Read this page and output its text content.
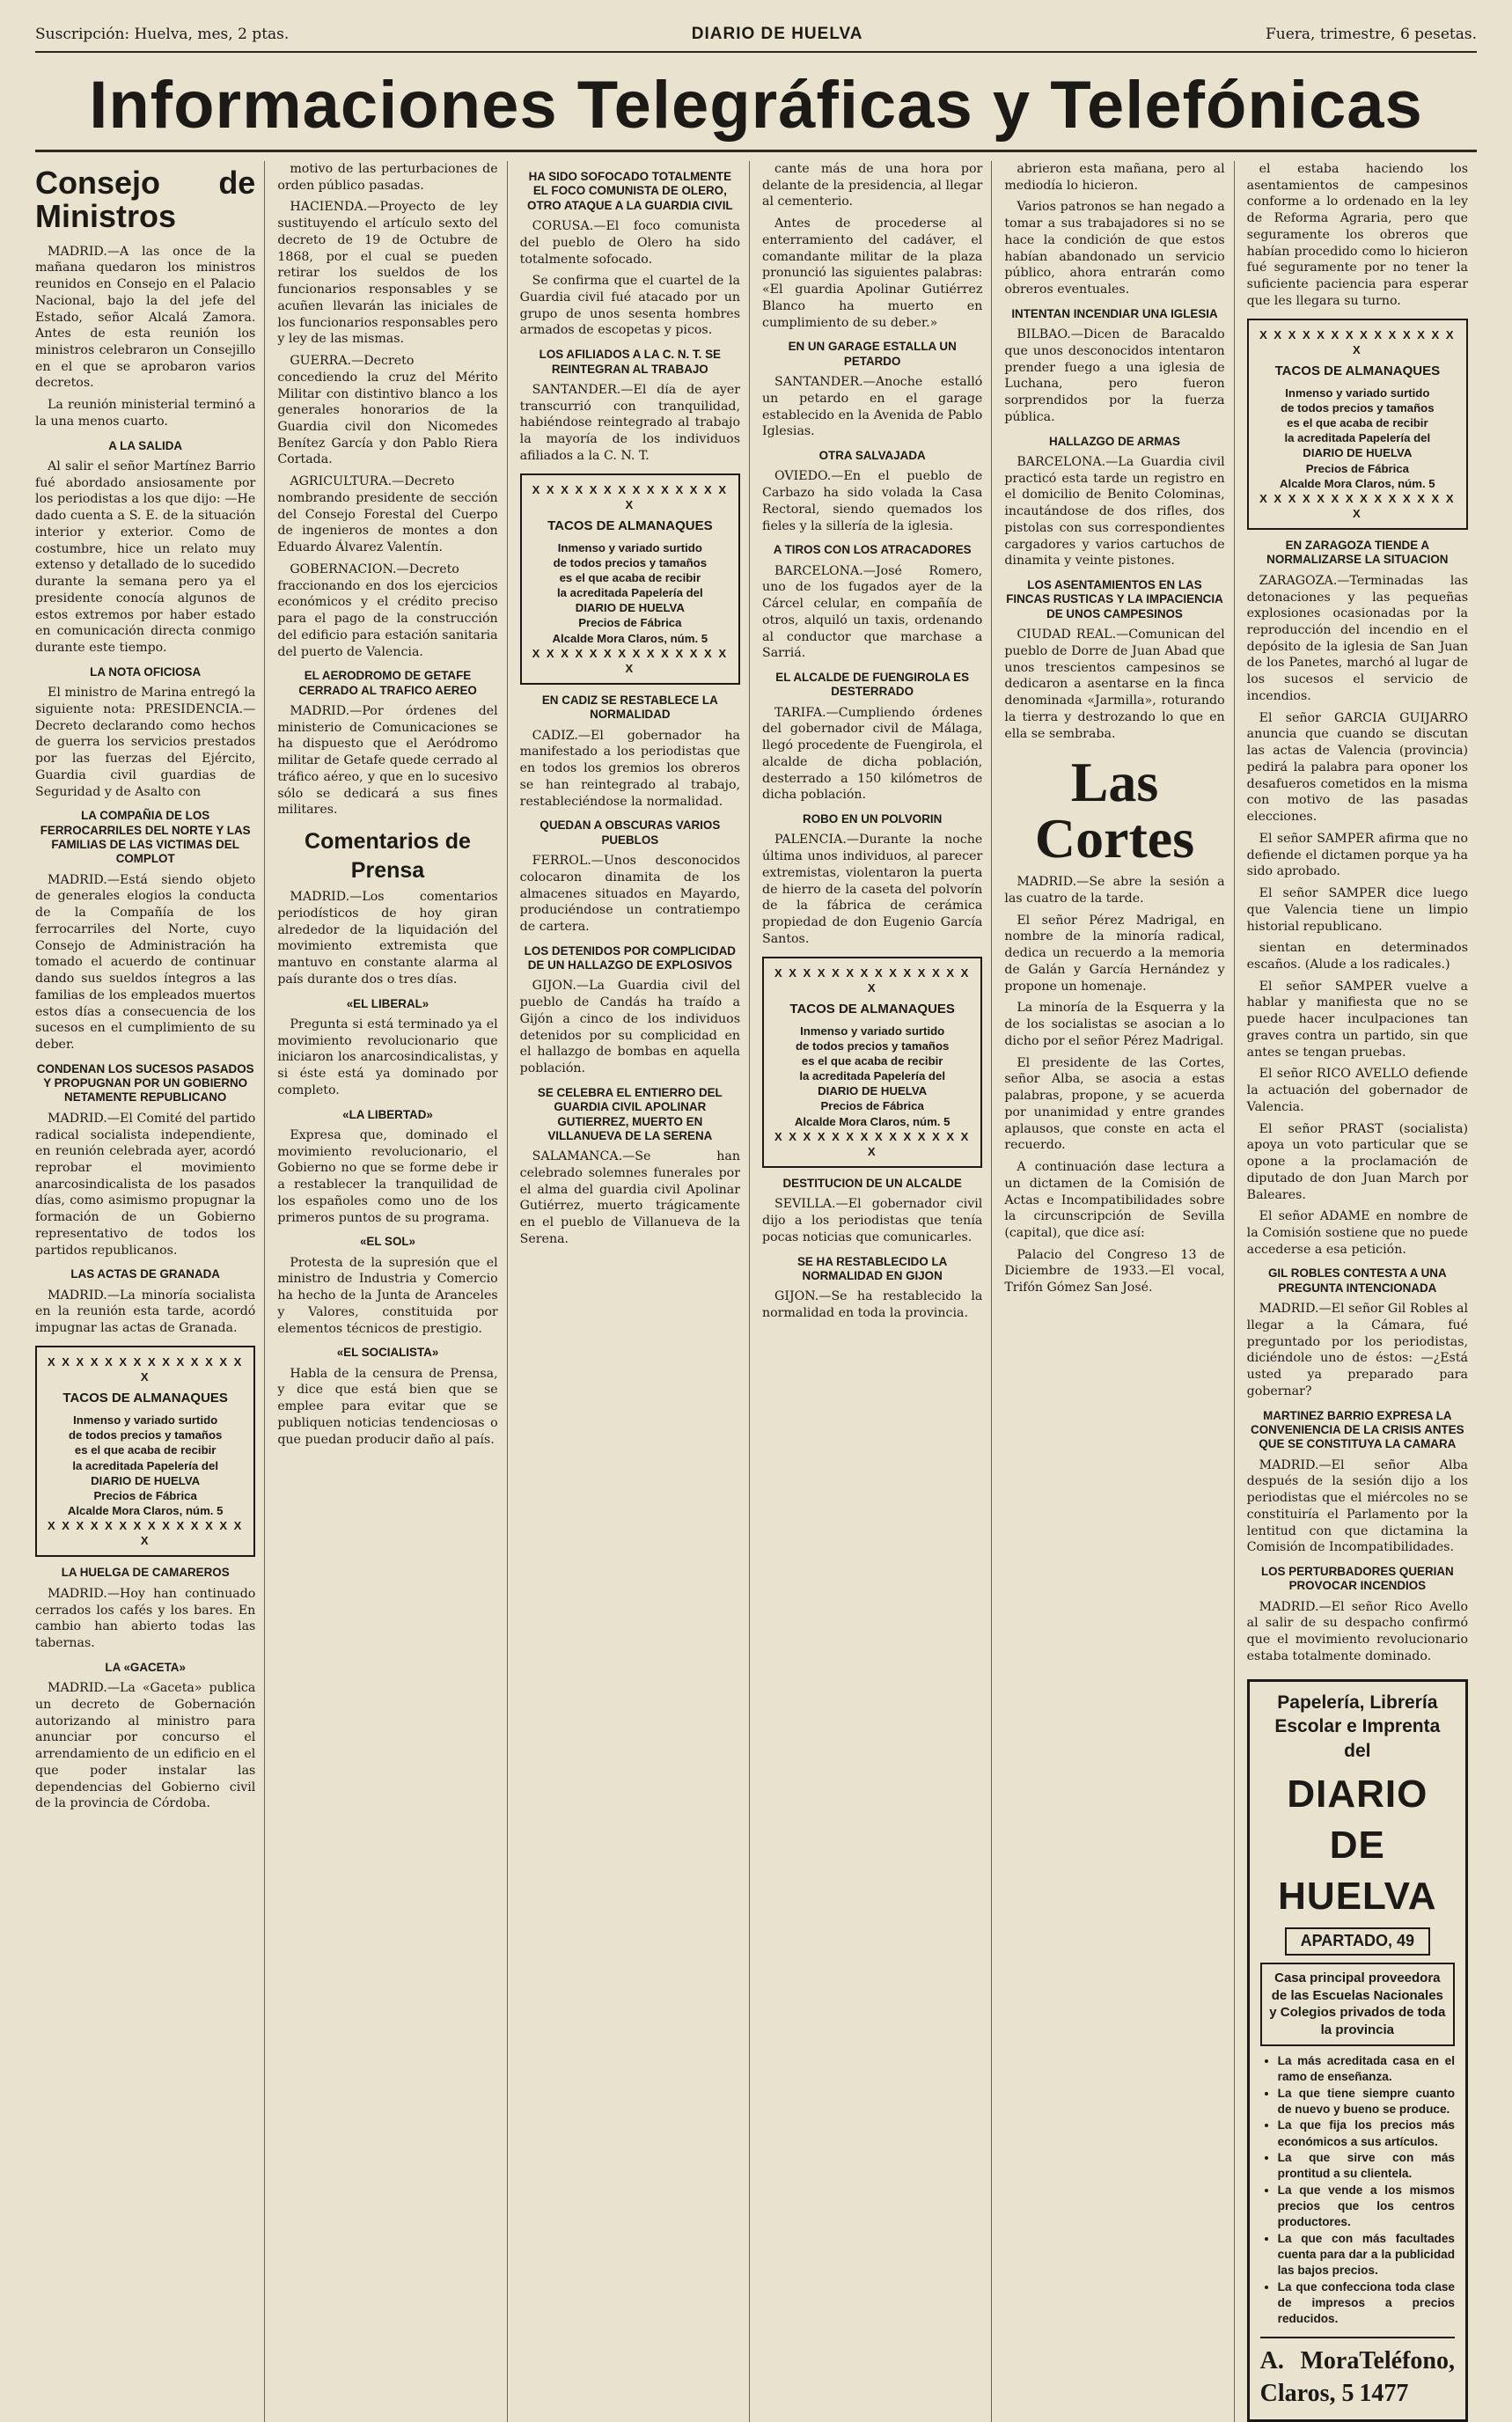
Suscripción: Huelva, mes, 2 ptas.	DIARIO DE HUELVA	Fuera, trimestre, 6 pesetas.
Informaciones Telegráficas y Telefónicas
Consejo de Ministros

MADRID.—A las once de la mañana quedaron los ministros reunidos en Consejo en el Palacio Nacional, bajo la del jefe del Estado, señor Alcalá Zamora. Antes de esta reunión los ministros celebraron un Consejillo en el que se aprobaron varios decretos.

La reunión ministerial terminó a la una menos cuarto.

A LA SALIDA

Al salir el señor Martínez Barrio fué abordado ansiosamente por los periodistas a los que dijo: —He dado cuenta a S. E. de la situación interior y exterior. Como de costumbre, hice un relato muy extenso y detallado de lo sucedido durante la semana pero ya el presidente conocía algunos de estos extremos por haber estado en comunicación directa conmigo durante este tiempo.

LA NOTA OFICIOSA

El ministro de Marina entregó la siguiente nota: PRESIDENCIA.—Decreto declarando como hechos de guerra los servicios prestados por las fuerzas del Ejército, Guardia civil guardias de Seguridad y de Asalto con

LA COMPAÑIA DE LOS FERROCARRILES DEL NORTE Y LAS FAMILIAS DE LAS VICTIMAS DEL COMPLOT

MADRID.—Está siendo objeto de generales elogios la conducta de la Compañía de los ferrocarriles del Norte, cuyo Consejo de Administración ha tomado el acuerdo de continuar dando sus sueldos íntegros a las familias de los empleados muertos estos días a consecuencia de los sucesos en el cumplimiento de su deber.

CONDENAN LOS SUCESOS PASADOS Y PROPUGNAN POR UN GOBIERNO NETAMENTE REPUBLICANO

MADRID.—El Comité del partido radical socialista independiente, en reunión celebrada ayer, acordó reprobar el movimiento anarcosindicalista de los pasados días, como asimismo propugnar la formación de un Gobierno representativo de todos los partidos republicanos.

LAS ACTAS DE GRANADA

MADRID.—La minoría socialista en la reunión esta tarde, acordó impugnar las actas de Granada.

X X X X X X X X X X X X X X X
TACOS DE ALMANAQUES
Inmenso y variado surtido
de todos precios y tamaños
es el que acaba de recibir
la acreditada Papelería del
DIARIO DE HUELVA
Precios de Fábrica
Alcalde Mora Claros, núm. 5
X X X X X X X X X X X X X X X
LA HUELGA DE CAMAREROS

MADRID.—Hoy han continuado cerrados los cafés y los bares. En cambio han abierto todas las tabernas.

LA «GACETA»

MADRID.—La «Gaceta» publica un decreto de Gobernación autorizando al ministro para anunciar por concurso el arrendamiento de un edificio en el que poder instalar las dependencias del Gobierno civil de la provincia de Córdoba.

motivo de las perturbaciones de orden público pasadas.

HACIENDA.—Proyecto de ley sustituyendo el artículo sexto del decreto de 19 de Octubre de 1868, por el cual se pueden retirar los sueldos de los funcionarios responsables y se acuñen llevarán las iniciales de los funcionarios responsables pero y ley de las mismas.

GUERRA.—Decreto concediendo la cruz del Mérito Militar con distintivo blanco a los generales honorarios de la Guardia civil don Nicomedes Benítez García y don Pablo Riera Cortada.

AGRICULTURA.—Decreto nombrando presidente de sección del Consejo Forestal del Cuerpo de ingenieros de montes a don Eduardo Álvarez Valentín.

GOBERNACION.—Decreto fraccionando en dos los ejercicios económicos y el crédito preciso para el pago de la construcción del edificio para estación sanitaria del puerto de Valencia.

EL AERODROMO DE GETAFE CERRADO AL TRAFICO AEREO

MADRID.—Por órdenes del ministerio de Comunicaciones se ha dispuesto que el Aeródromo militar de Getafe quede cerrado al tráfico aéreo, y que en lo sucesivo sólo se dedicará a sus fines militares.

Comentarios de Prensa

MADRID.—Los comentarios periodísticos de hoy giran alrededor de la liquidación del movimiento extremista que mantuvo en constante alarma al país durante dos o tres días.

«EL LIBERAL»

Pregunta si está terminado ya el movimiento revolucionario que iniciaron los anarcosindicalistas, y si éste está ya dominado por completo.

«LA LIBERTAD»

Expresa que, dominado el movimiento revolucionario, el Gobierno no que se forme debe ir a restablecer la tranquilidad de los españoles como uno de los primeros puntos de su programa.

«EL SOL»

Protesta de la supresión que el ministro de Industria y Comercio ha hecho de la Junta de Aranceles y Valores, constituida por elementos técnicos de prestigio.

«EL SOCIALISTA»

Habla de la censura de Prensa, y dice que está bien que se emplee para evitar que se publiquen noticias tendenciosas o que puedan producir daño al país.

HA SIDO SOFOCADO TOTALMENTE EL FOCO COMUNISTA DE OLERO, OTRO ATAQUE A LA GUARDIA CIVIL

CORUSA.—El foco comunista del pueblo de Olero ha sido totalmente sofocado.

Se confirma que el cuartel de la Guardia civil fué atacado por un grupo de unos sesenta hombres armados de escopetas y picos.

LOS AFILIADOS A LA C. N. T. SE REINTEGRAN AL TRABAJO

SANTANDER.—El día de ayer transcurrió con tranquilidad, habiéndose reintegrado al trabajo la mayoría de los individuos afiliados a la C. N. T.

X X X X X X X X X X X X X X X
TACOS DE ALMANAQUES
Inmenso y variado surtido
de todos precios y tamaños
es el que acaba de recibir
la acreditada Papelería del
DIARIO DE HUELVA
Precios de Fábrica
Alcalde Mora Claros, núm. 5
X X X X X X X X X X X X X X X
EN CADIZ SE RESTABLECE LA NORMALIDAD

CADIZ.—El gobernador ha manifestado a los periodistas que en todos los gremios los obreros se han reintegrado al trabajo, restableciéndose la normalidad.

QUEDAN A OBSCURAS VARIOS PUEBLOS

FERROL.—Unos desconocidos colocaron dinamita de los almacenes situados en Mayardo, produciéndose un contratiempo de cartera.

LOS DETENIDOS POR COMPLICIDAD DE UN HALLAZGO DE EXPLOSIVOS

GIJON.—La Guardia civil del pueblo de Candás ha traído a Gijón a cinco de los individuos detenidos por su complicidad en el hallazgo de bombas en aquella población.

SE CELEBRA EL ENTIERRO DEL GUARDIA CIVIL APOLINAR GUTIERREZ, MUERTO EN VILLANUEVA DE LA SERENA

SALAMANCA.—Se han celebrado solemnes funerales por el alma del guardia civil Apolinar Gutiérrez, muerto trágicamente en el pueblo de Villanueva de la Serena.

cante más de una hora por delante de la presidencia, al llegar al cementerio.

Antes de procederse al enterramiento del cadáver, el comandante militar de la plaza pronunció las siguientes palabras: «El guardia Apolinar Gutiérrez Blanco ha muerto en cumplimiento de su deber.»

EN UN GARAGE ESTALLA UN PETARDO

SANTANDER.—Anoche estalló un petardo en el garage establecido en la Avenida de Pablo Iglesias.

OTRA SALVAJADA

OVIEDO.—En el pueblo de Carbazo ha sido volada la Casa Rectoral, siendo quemados los fieles y la sillería de la iglesia.

A TIROS CON LOS ATRACADORES

BARCELONA.—José Romero, uno de los fugados ayer de la Cárcel celular, en compañía de otros, alquiló un taxis, ordenando al conductor que marchase a Sarriá.

EL ALCALDE DE FUENGIROLA ES DESTERRADO

TARIFA.—Cumpliendo órdenes del gobernador civil de Málaga, llegó procedente de Fuengirola, el alcalde de dicha población, desterrado a 150 kilómetros de dicha población.

ROBO EN UN POLVORIN

PALENCIA.—Durante la noche última unos individuos, al parecer extremistas, violentaron la puerta de hierro de la caseta del polvorín de la fábrica de cerámica propiedad de don Eugenio García Santos.

X X X X X X X X X X X X X X X
TACOS DE ALMANAQUES
Inmenso y variado surtido
de todos precios y tamaños
es el que acaba de recibir
la acreditada Papelería del
DIARIO DE HUELVA
Precios de Fábrica
Alcalde Mora Claros, núm. 5
X X X X X X X X X X X X X X X
DESTITUCION DE UN ALCALDE

SEVILLA.—El gobernador civil dijo a los periodistas que tenía pocas noticias que comunicarles.

SE HA RESTABLECIDO LA NORMALIDAD EN GIJON

GIJON.—Se ha restablecido la normalidad en toda la provincia.

abrieron esta mañana, pero al mediodía lo hicieron.

Varios patronos se han negado a tomar a sus trabajadores si no se hace la condición de que estos habían abandonado un servicio público, ahora entrarán como obreros eventuales.

INTENTAN INCENDIAR UNA IGLESIA

BILBAO.—Dicen de Baracaldo que unos desconocidos intentaron prender fuego a una iglesia de Luchana, pero fueron sorprendidos por la fuerza pública.

HALLAZGO DE ARMAS

BARCELONA.—La Guardia civil practicó esta tarde un registro en el domicilio de Benito Colominas, incautándose de dos rifles, dos pistolas con sus correspondientes cargadores y varios cartuchos de dinamita y veinte pistones.

LOS ASENTAMIENTOS EN LAS FINCAS RUSTICAS Y LA IMPACIENCIA DE UNOS CAMPESINOS

CIUDAD REAL.—Comunican del pueblo de Dorre de Juan Abad que unos trescientos campesinos se dedicaron a asentarse en la finca denominada «Jarmilla», roturando la tierra y destrozando lo que en ella se sembraba.

Las Cortes

MADRID.—Se abre la sesión a las cuatro de la tarde.

El señor Pérez Madrigal, en nombre de la minoría radical, dedica un recuerdo a la memoria de Galán y García Hernández y propone un homenaje.

La minoría de la Esquerra y la de los socialistas se asocian a lo dicho por el señor Pérez Madrigal.

El presidente de las Cortes, señor Alba, se asocia a estas palabras, propone, y se acuerda por unanimidad y entre grandes aplausos, que conste en acta el recuerdo.

A continuación dase lectura a un dictamen de la Comisión de Actas e Incompatibilidades sobre la circunscripción de Sevilla (capital), que dice así:

Palacio del Congreso 13 de Diciembre de 1933.—El vocal, Trifón Gómez San José.

el estaba haciendo los asentamientos de campesinos conforme a lo ordenado en la ley de Reforma Agraria, pero que seguramente los obreros que habían procedido como lo hicieron fué seguramente por no tener la suficiente paciencia para esperar que les llegara su turno.

X X X X X X X X X X X X X X X
TACOS DE ALMANAQUES
Inmenso y variado surtido
de todos precios y tamaños
es el que acaba de recibir
la acreditada Papelería del
DIARIO DE HUELVA
Precios de Fábrica
Alcalde Mora Claros, núm. 5
X X X X X X X X X X X X X X X
EN ZARAGOZA TIENDE A NORMALIZARSE LA SITUACION

ZARAGOZA.—Terminadas las detonaciones y las pequeñas explosiones ocasionadas por la reproducción del incendio en el depósito de la iglesia de San Juan de los Panetes, marchó al lugar de los sucesos el servicio de incendios.

El señor GARCIA GUIJARRO anuncia que cuando se discutan las actas de Valencia (provincia) pedirá la palabra para oponer los desafueros cometidos en la misma con motivo de las pasadas elecciones.

El señor SAMPER afirma que no defiende el dictamen porque ya ha sido aprobado.

El señor SAMPER dice luego que Valencia tiene un limpio historial republicano.

sientan en determinados escaños. (Alude a los radicales.)

El señor SAMPER vuelve a hablar y manifiesta que no se puede hacer inculpaciones tan graves contra un partido, sin que antes se tengan pruebas.

El señor RICO AVELLO defiende la actuación del gobernador de Valencia.

El señor PRAST (socialista) apoya un voto particular que se opone a la proclamación de diputado de don Juan March por Baleares.

El señor ADAME en nombre de la Comisión sostiene que no puede accederse a esa petición.

GIL ROBLES CONTESTA A UNA PREGUNTA INTENCIONADA

MADRID.—El señor Gil Robles al llegar a la Cámara, fué preguntado por los periodistas, diciéndole uno de éstos: —¿Está usted ya preparado para gobernar?

MARTINEZ BARRIO EXPRESA LA CONVENIENCIA DE LA CRISIS ANTES QUE SE CONSTITUYA LA CAMARA

MADRID.—El señor Alba después de la sesión dijo a los periodistas que el miércoles no se constituiría el Parlamento por la lentitud con que dictamina la Comisión de Incompatibilidades.

LOS PERTURBADORES QUERIAN PROVOCAR INCENDIOS

MADRID.—El señor Rico Avello al salir de su despacho confirmó que el movimiento revolucionario estaba totalmente dominado.

Papelería, Librería Escolar e Imprenta del
DIARIO DE HUELVA
APARTADO, 49
Casa principal proveedora de las Escuelas Nacionales y Colegios privados de toda la provincia
• La más acreditada casa en el ramo de enseñanza.
• La que tiene siempre cuanto de nuevo y bueno se produce.
• La que fija los precios más económicos a sus artículos.
• La que sirve con más prontitud a su clientela.
• La que vende a los mismos precios que los centros productores.
• La que con más facultades cuenta para dar a la publicidad las bajos precios.
• La que confecciona toda clase de impresos a precios reducidos.
A. Mora Claros, 5
Teléfono, 1477
